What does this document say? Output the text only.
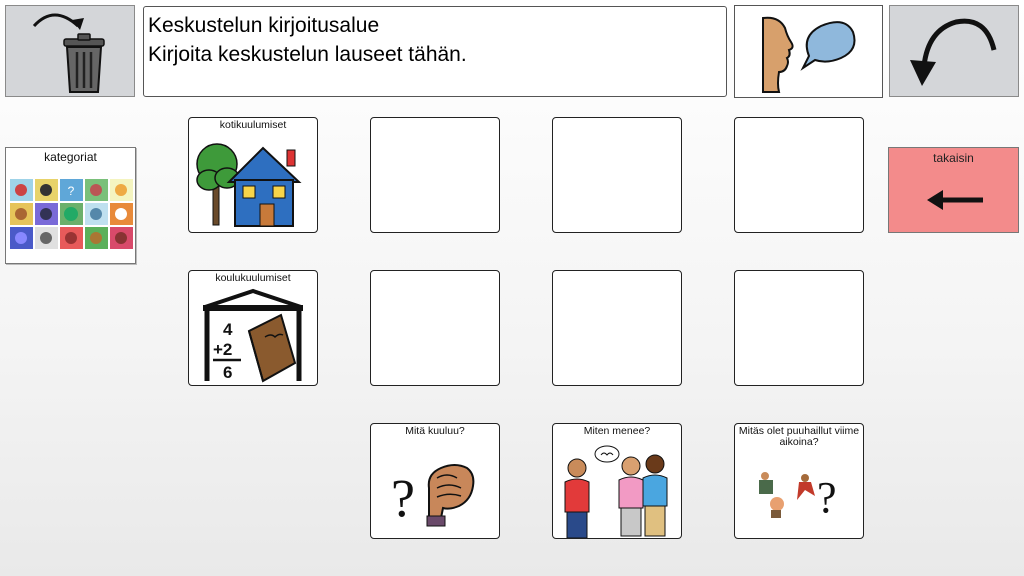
Keskustelun kirjoitusalue
Kirjoita keskustelun lauseet tähän.
kategoriat
?
kotikuulumiset
takaisin
koulukuulumiset
4
+2
6
Mitä kuuluu?
?
Miten menee?	Mitäs olet puuhaillut viime aikoina?
?
